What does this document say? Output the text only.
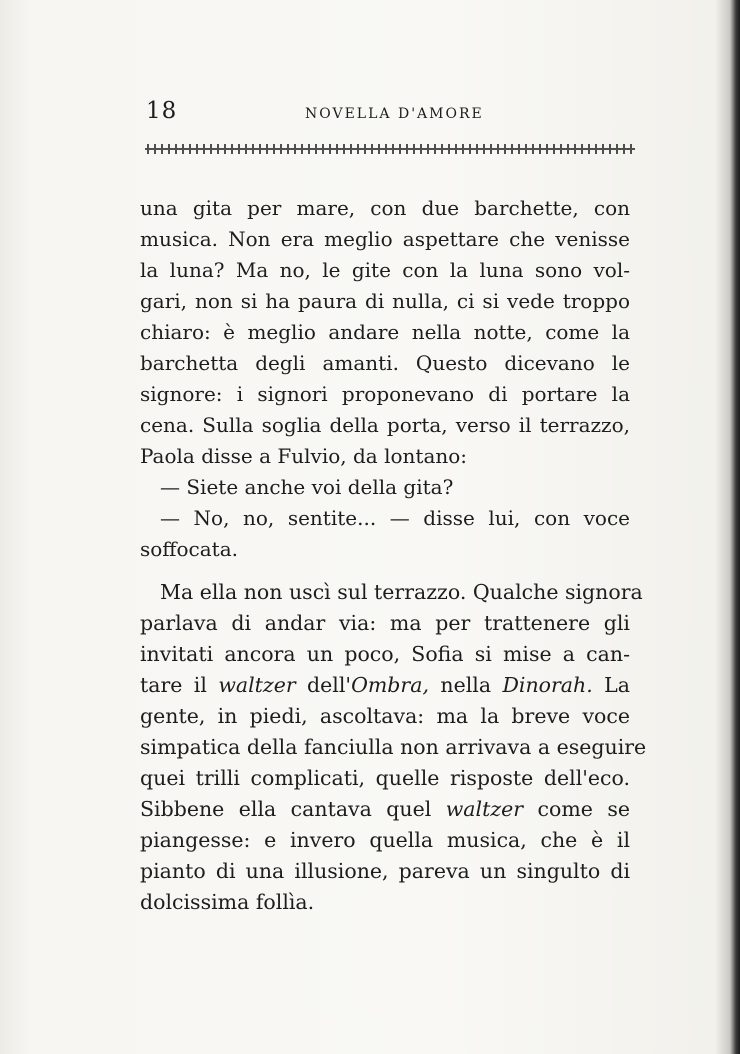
18	NOVELLA D'AMORE
una gita per mare, con due barchette, con
musica. Non era meglio aspettare che venisse
la luna? Ma no, le gite con la luna sono vol-
gari, non si ha paura di nulla, ci si vede troppo
chiaro: è meglio andare nella notte, come la
barchetta degli amanti. Questo dicevano le
signore: i signori proponevano di portare la
cena. Sulla soglia della porta, verso il terrazzo,
Paola disse a Fulvio, da lontano:
— Siete anche voi della gita?
— No, no, sentite... — disse lui, con voce
soffocata.
Ma ella non uscì sul terrazzo. Qualche signora
parlava di andar via: ma per trattenere gli
invitati ancora un poco, Sofia si mise a can-
tare il waltzer dell'Ombra, nella Dinorah. La
gente, in piedi, ascoltava: ma la breve voce
simpatica della fanciulla non arrivava a eseguire
quei trilli complicati, quelle risposte dell'eco.
Sibbene ella cantava quel waltzer come se
piangesse: e invero quella musica, che è il
pianto di una illusione, pareva un singulto di
dolcissima follìa.
